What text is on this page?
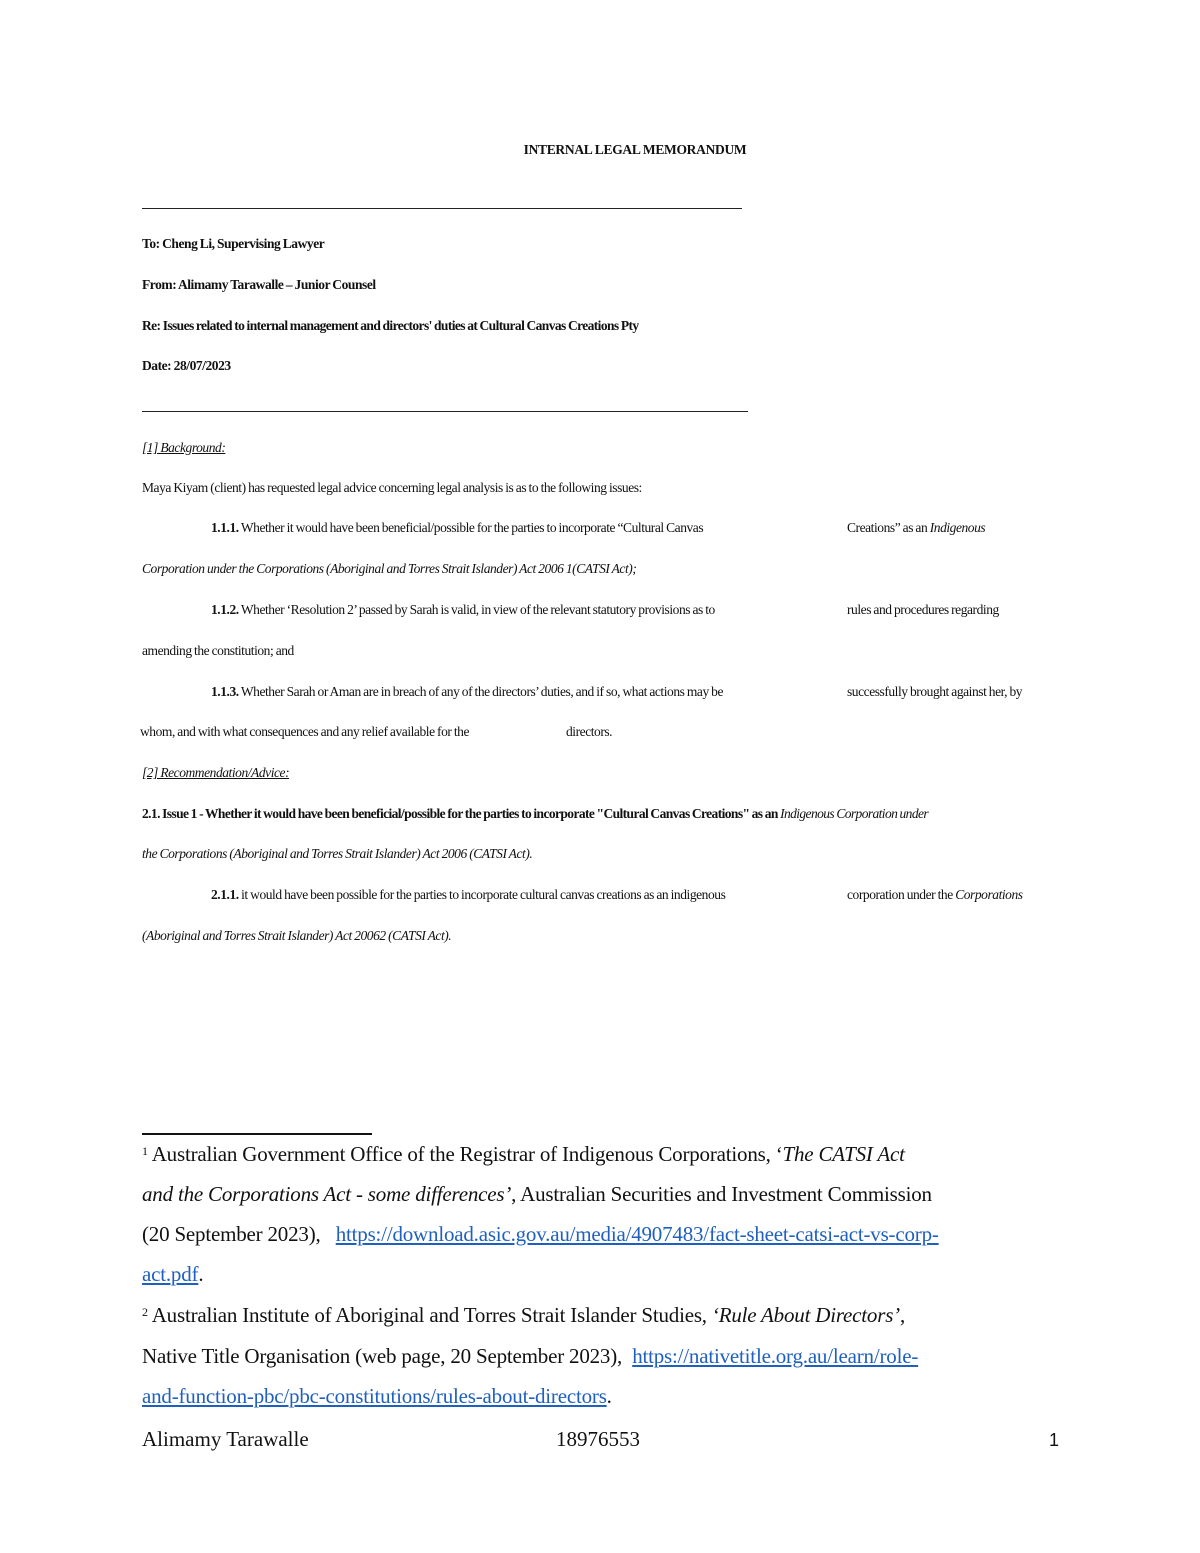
INTERNAL LEGAL MEMORANDUM
To: Cheng Li, Supervising Lawyer
From: Alimamy Tarawalle – Junior Counsel
Re: Issues related to internal management and directors' duties at Cultural Canvas Creations Pty
Date: 28/07/2023
[1] Background:
Maya Kiyam (client) has requested legal advice concerning legal analysis is as to the following issues:
1.1.1. Whether it would have been beneficial/possible for the parties to incorporate “Cultural Canvas	Creations” as an Indigenous
Corporation under the Corporations (Aboriginal and Torres Strait Islander) Act 2006 1(CATSI Act);
1.1.2. Whether ‘Resolution 2’ passed by Sarah is valid, in view of the relevant statutory provisions as to	rules and procedures regarding
amending the constitution; and
1.1.3. Whether Sarah or Aman are in breach of any of the directors’ duties, and if so, what actions may be	successfully brought against her, by
whom, and with what consequences and any relief available for the	directors.
[2] Recommendation/Advice:
2.1. Issue 1 - Whether it would have been beneficial/possible for the parties to incorporate "Cultural Canvas Creations" as an Indigenous Corporation under
the Corporations (Aboriginal and Torres Strait Islander) Act 2006 (CATSI Act).
2.1.1. it would have been possible for the parties to incorporate cultural canvas creations as an indigenous	corporation under the Corporations
(Aboriginal and Torres Strait Islander) Act 20062 (CATSI Act).
$^1$ Australian Government Office of the Registrar of Indigenous Corporations, ‘The CATSI Act
and the Corporations Act - some differences’, Australian Securities and Investment Commission
(20 September 2023), https://download.asic.gov.au/media/4907483/fact-sheet-catsi-act-vs-corp-
act.pdf.
$^2$ Australian Institute of Aboriginal and Torres Strait Islander Studies, ‘Rule About Directors’,
Native Title Organisation (web page, 20 September 2023), https://nativetitle.org.au/learn/role-
and-function-pbc/pbc-constitutions/rules-about-directors.
Alimamy Tarawalle	18976553	1
